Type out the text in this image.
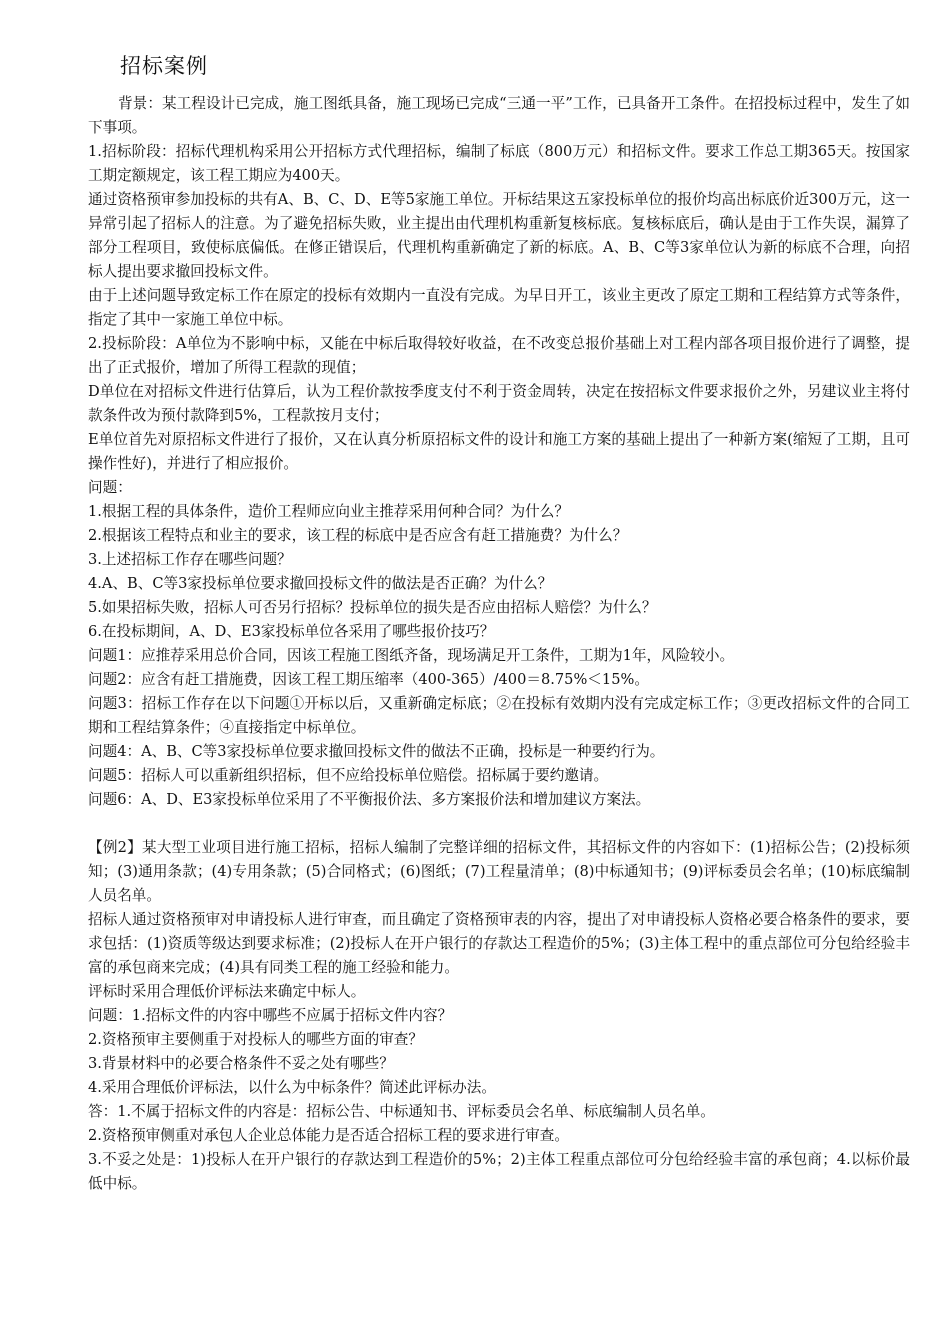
招标案例

背景：某工程设计已完成，施工图纸具备，施工现场已完成“三通一平”工作，已具备开工条件。在招投标过程中，发生了如下事项。

1.招标阶段：招标代理机构采用公开招标方式代理招标，编制了标底（800万元）和招标文件。要求工作总工期365天。按国家工期定额规定，该工程工期应为400天。

通过资格预审参加投标的共有A、B、C、D、E等5家施工单位。开标结果这五家投标单位的报价均高出标底价近300万元，这一异常引起了招标人的注意。为了避免招标失败，业主提出由代理机构重新复核标底。复核标底后，确认是由于工作失误，漏算了部分工程项目，致使标底偏低。在修正错误后，代理机构重新确定了新的标底。A、B、C等3家单位认为新的标底不合理，向招标人提出要求撤回投标文件。

由于上述问题导致定标工作在原定的投标有效期内一直没有完成。为早日开工，该业主更改了原定工期和工程结算方式等条件，指定了其中一家施工单位中标。

2.投标阶段：A单位为不影响中标，又能在中标后取得较好收益，在不改变总报价基础上对工程内部各项目报价进行了调整，提出了正式报价，增加了所得工程款的现值；

D单位在对招标文件进行估算后，认为工程价款按季度支付不利于资金周转，决定在按招标文件要求报价之外，另建议业主将付款条件改为预付款降到5%，工程款按月支付；

E单位首先对原招标文件进行了报价，又在认真分析原招标文件的设计和施工方案的基础上提出了一种新方案(缩短了工期，且可操作性好)，并进行了相应报价。

问题：

1.根据工程的具体条件，造价工程师应向业主推荐采用何种合同？为什么？

2.根据该工程特点和业主的要求，该工程的标底中是否应含有赶工措施费？为什么？

3.上述招标工作存在哪些问题？

4.A、B、C等3家投标单位要求撤回投标文件的做法是否正确？为什么？

5.如果招标失败，招标人可否另行招标？投标单位的损失是否应由招标人赔偿？为什么？

6.在投标期间，A、D、E3家投标单位各采用了哪些报价技巧？

问题1：应推荐采用总价合同，因该工程施工图纸齐备，现场满足开工条件，工期为1年，风险较小。

问题2：应含有赶工措施费，因该工程工期压缩率（400-365）/400＝8.75%＜15%。

问题3：招标工作存在以下问题①开标以后，又重新确定标底；②在投标有效期内没有完成定标工作；③更改招标文件的合同工期和工程结算条件；④直接指定中标单位。

问题4：A、B、C等3家投标单位要求撤回投标文件的做法不正确，投标是一种要约行为。

问题5：招标人可以重新组织招标，但不应给投标单位赔偿。招标属于要约邀请。

问题6：A、D、E3家投标单位采用了不平衡报价法、多方案报价法和增加建议方案法。

【例2】某大型工业项目进行施工招标，招标人编制了完整详细的招标文件，其招标文件的内容如下：(1)招标公告；(2)投标须知；(3)通用条款；(4)专用条款；(5)合同格式；(6)图纸；(7)工程量清单；(8)中标通知书；(9)评标委员会名单；(10)标底编制人员名单。

招标人通过资格预审对申请投标人进行审查，而且确定了资格预审表的内容，提出了对申请投标人资格必要合格条件的要求，要求包括：(1)资质等级达到要求标准；(2)投标人在开户银行的存款达工程造价的5%；(3)主体工程中的重点部位可分包给经验丰富的承包商来完成；(4)具有同类工程的施工经验和能力。

评标时采用合理低价评标法来确定中标人。

问题：1.招标文件的内容中哪些不应属于招标文件内容？

2.资格预审主要侧重于对投标人的哪些方面的审查？

3.背景材料中的必要合格条件不妥之处有哪些？

4.采用合理低价评标法，以什么为中标条件？简述此评标办法。

答：1.不属于招标文件的内容是：招标公告、中标通知书、评标委员会名单、标底编制人员名单。

2.资格预审侧重对承包人企业总体能力是否适合招标工程的要求进行审查。

3.不妥之处是：1)投标人在开户银行的存款达到工程造价的5%；2)主体工程重点部位可分包给经验丰富的承包商；4.以标价最低中标。
